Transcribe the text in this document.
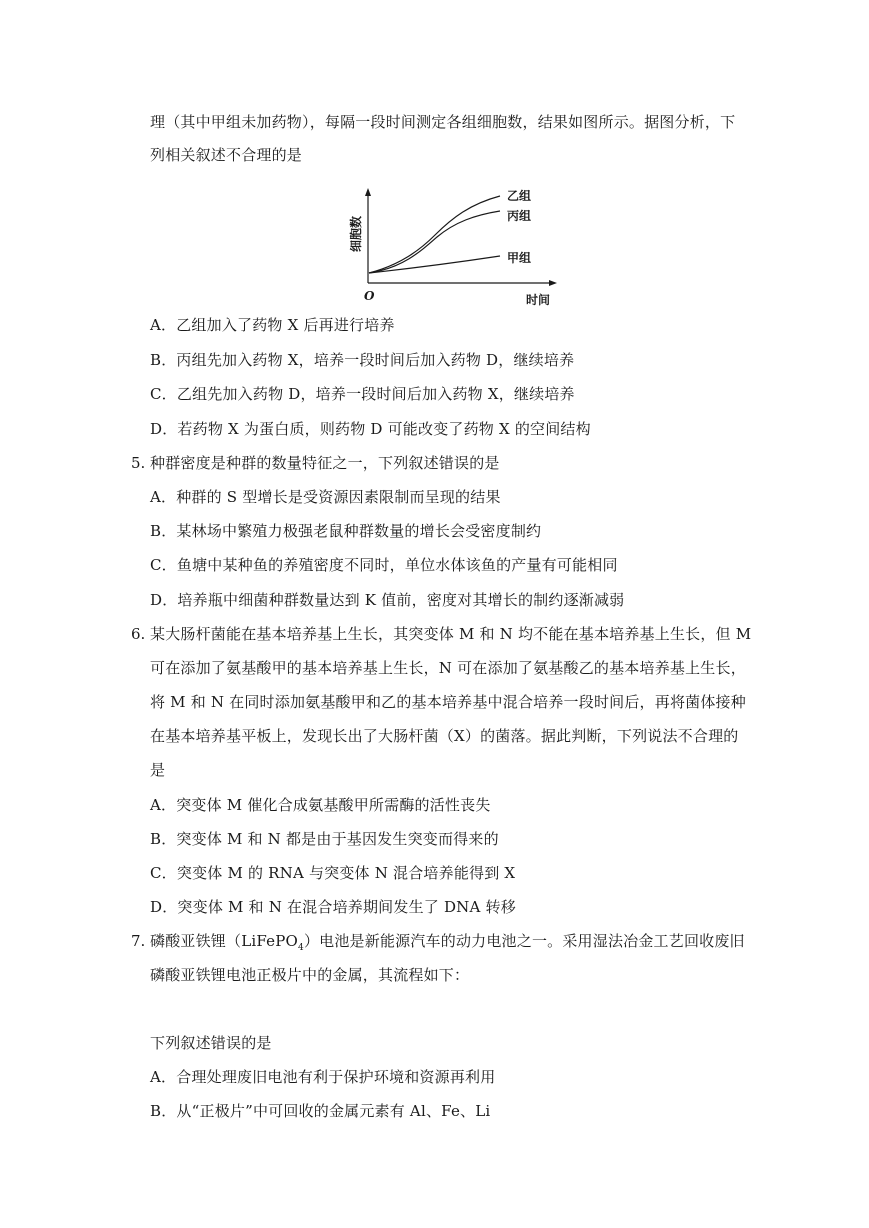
理（其中甲组未加药物），每隔一段时间测定各组细胞数，结果如图所示。据图分析，下
列相关叙述不合理的是
细胞数
O	时间
乙组
丙组
甲组
A．乙组加入了药物 X 后再进行培养
B．丙组先加入药物 X，培养一段时间后加入药物 D，继续培养
C．乙组先加入药物 D，培养一段时间后加入药物 X，继续培养
D．若药物 X 为蛋白质，则药物 D 可能改变了药物 X 的空间结构
5. 种群密度是种群的数量特征之一，下列叙述错误的是
A．种群的 S 型增长是受资源因素限制而呈现的结果
B．某林场中繁殖力极强老鼠种群数量的增长会受密度制约
C．鱼塘中某种鱼的养殖密度不同时，单位水体该鱼的产量有可能相同
D．培养瓶中细菌种群数量达到 K 值前，密度对其增长的制约逐渐减弱
6. 某大肠杆菌能在基本培养基上生长，其突变体 M 和 N 均不能在基本培养基上生长，但 M
可在添加了氨基酸甲的基本培养基上生长，N 可在添加了氨基酸乙的基本培养基上生长，
将 M 和 N 在同时添加氨基酸甲和乙的基本培养基中混合培养一段时间后，再将菌体接种
在基本培养基平板上，发现长出了大肠杆菌（X）的菌落。据此判断，下列说法不合理的
是
A．突变体 M 催化合成氨基酸甲所需酶的活性丧失
B．突变体 M 和 N 都是由于基因发生突变而得来的
C．突变体 M 的 RNA 与突变体 N 混合培养能得到 X
D．突变体 M 和 N 在混合培养期间发生了 DNA 转移
7. 磷酸亚铁锂（LiFePO$_4$）电池是新能源汽车的动力电池之一。采用湿法冶金工艺回收废旧
磷酸亚铁锂电池正极片中的金属，其流程如下：
下列叙述错误的是
A．合理处理废旧电池有利于保护环境和资源再利用
B．从“正极片”中可回收的金属元素有 Al、Fe、Li
